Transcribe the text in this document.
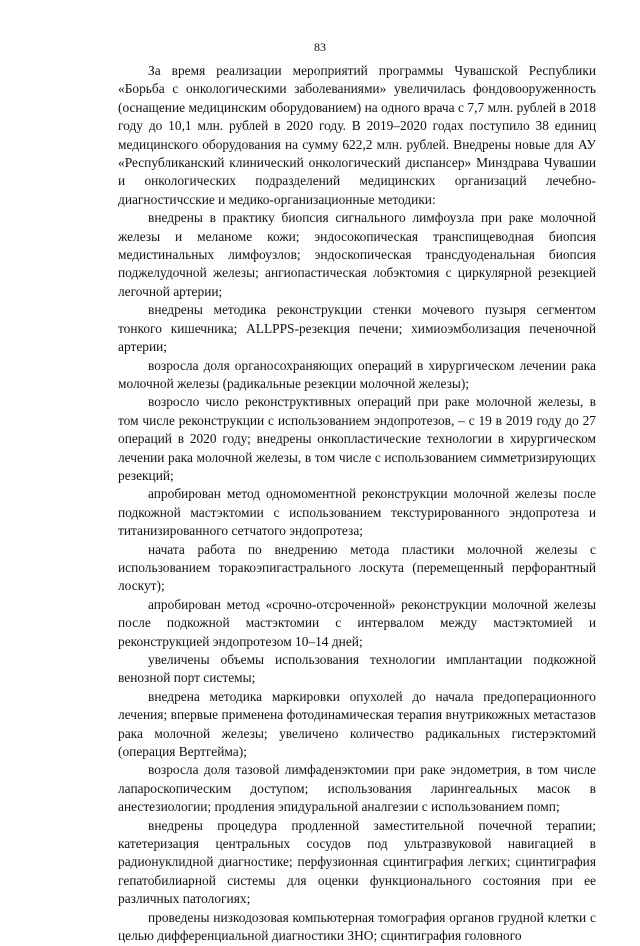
83

За время реализации мероприятий программы Чувашской Республики «Борьба с онкологическими заболеваниями» увеличилась фондовооруженность (оснащение медицинским оборудованием) на одного врача с 7,7 млн. рублей в 2018 году до 10,1 млн. рублей в 2020 году. В 2019–2020 годах поступило 38 единиц медицинского оборудования на сумму 622,2 млн. рублей. Внедрены новые для АУ «Республиканский клинический онкологический диспансер» Минздрава Чувашии и онкологических подразделений медицинских организаций лечебно-диагностичсские и медико-организационные методики:

внедрены в практику биопсия сигнального лимфоузла при раке молочной железы и меланоме кожи; эндосокопическая транспищеводная биопсия медистинальных лимфоузлов; эндоскопическая трансдуоденальная биопсия поджелудочной железы; ангиопастическая лобэктомия с циркулярной резекцией легочной артерии;

внедрены методика реконструкции стенки мочевого пузыря сегментом тонкого кишечника; ALLPPS-резекция печени; химиоэмболизация печеночной артерии;

возросла доля органосохраняющих операций в хирургическом лечении рака молочной железы (радикальные резекции молочной железы);

возросло число реконструктивных операций при раке молочной железы, в том числе реконструкции с использованием эндопротезов, – с 19 в 2019 году до 27 операций в 2020 году; внедрены онкопластические технологии в хирургическом лечении рака молочной железы, в том числе с использованием симметризирующих резекций;

апробирован метод одномоментной реконструкции молочной железы после подкожной мастэктомии с использованием текстурированного эндопротеза и титанизированного сетчатого эндопротеза;

начата работа по внедрению метода пластики молочной железы с использованием торакоэпигастрального лоскута (перемещенный перфорантный лоскут);

апробирован метод «срочно-отсроченной» реконструкции молочной железы после подкожной мастэктомии с интервалом между мастэктомией и реконструкцией эндопротезом 10–14 дней;

увеличены объемы использования технологии имплантации подкожной венозной порт системы;

внедрена методика маркировки опухолей до начала предоперационного лечения; впервые применена фотодинамическая терапия внутрикожных метастазов рака молочной железы; увеличено количество радикальных гистерэктомий (операция Вертгейма);

возросла доля тазовой лимфаденэктомии при раке эндометрия, в том числе лапароскопическим доступом; использования ларингеальных масок в анестезиологии; продления эпидуральной аналгезии с использованием помп;

внедрены процедура продленной заместительной почечной терапии; катетеризация центральных сосудов под ультразвуковой навигацией в радионуклидной диагностике; перфузионная сцинтиграфия легких; сцинтиграфия гепатобилиарной системы для оценки функционального состояния при ее различных патологиях;

проведены низкодозовая компьютерная томография органов грудной клетки с целью дифференциальной диагностики ЗНО; сцинтиграфия головного
